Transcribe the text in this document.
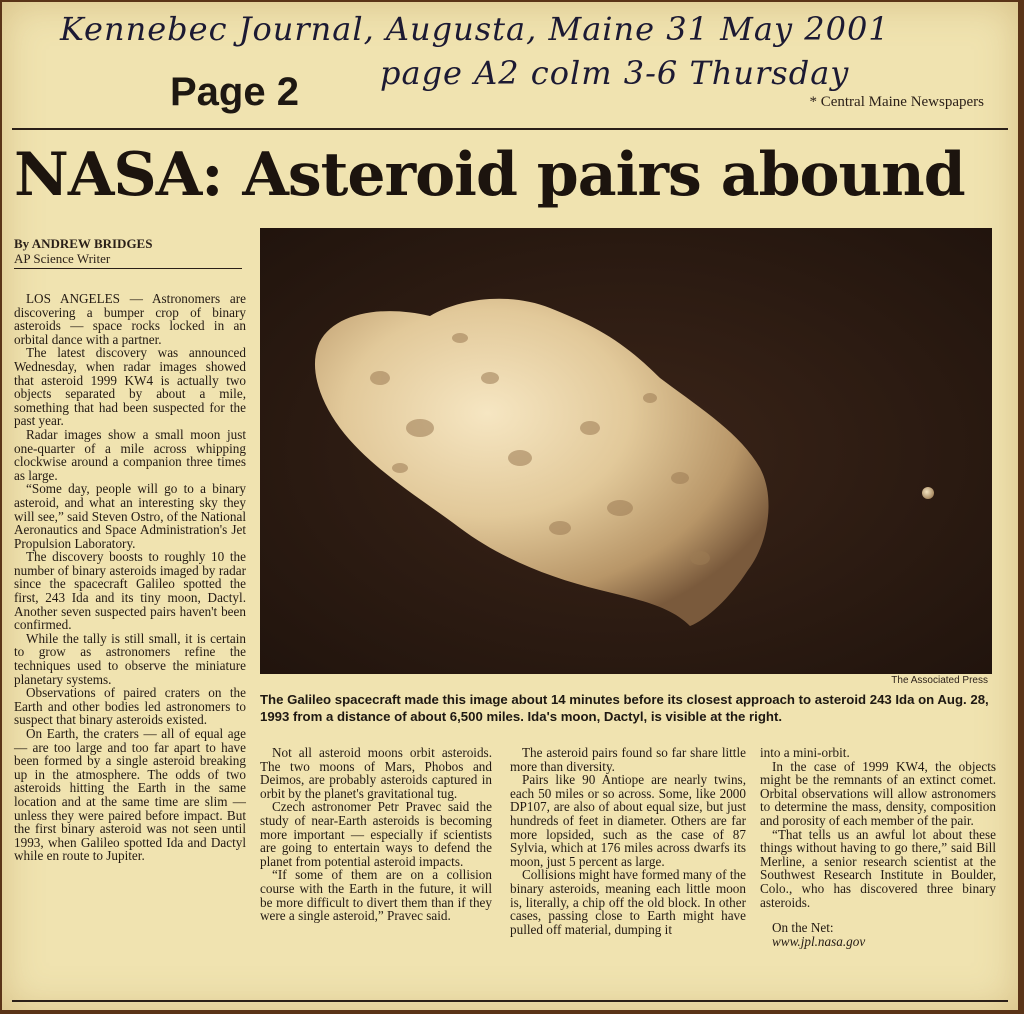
Kennebec Journal, Augusta, Maine 31 May 2001
page A2 colm 3-6 Thursday
Page 2	* Central Maine Newspapers
NASA: Asteroid pairs abound
By ANDREW BRIDGES
AP Science Writer

LOS ANGELES — Astronomers are discovering a bumper crop of binary asteroids — space rocks locked in an orbital dance with a partner.

The latest discovery was announced Wednesday, when radar images showed that asteroid 1999 KW4 is actually two objects separated by about a mile, something that had been suspected for the past year.

Radar images show a small moon just one-quarter of a mile across whipping clockwise around a companion three times as large.

“Some day, people will go to a binary asteroid, and what an interesting sky they will see,” said Steven Ostro, of the National Aeronautics and Space Administration's Jet Propulsion Laboratory.

The discovery boosts to roughly 10 the number of binary asteroids imaged by radar since the spacecraft Galileo spotted the first, 243 Ida and its tiny moon, Dactyl. Another seven suspected pairs haven't been confirmed.

While the tally is still small, it is certain to grow as astronomers refine the techniques used to observe the miniature planetary systems.

Observations of paired craters on the Earth and other bodies led astronomers to suspect that binary asteroids existed.

On Earth, the craters — all of equal age — are too large and too far apart to have been formed by a single asteroid breaking up in the atmosphere. The odds of two asteroids hitting the Earth in the same location and at the same time are slim — unless they were paired before impact. But the first binary asteroid was not seen until 1993, when Galileo spotted Ida and Dactyl while en route to Jupiter.

The Associated Press
The Galileo spacecraft made this image about 14 minutes before its closest approach to asteroid 243 Ida on Aug. 28, 1993 from a distance of about 6,500 miles. Ida's moon, Dactyl, is visible at the right.

Not all asteroid moons orbit asteroids. The two moons of Mars, Phobos and Deimos, are probably asteroids captured in orbit by the planet's gravitational tug.

Czech astronomer Petr Pravec said the study of near-Earth asteroids is becoming more important — especially if scientists are going to entertain ways to defend the planet from potential asteroid impacts.

“If some of them are on a collision course with the Earth in the future, it will be more difficult to divert them than if they were a single asteroid,” Pravec said.

The asteroid pairs found so far share little more than diversity.

Pairs like 90 Antiope are nearly twins, each 50 miles or so across. Some, like 2000 DP107, are also of about equal size, but just hundreds of feet in diameter. Others are far more lopsided, such as the case of 87 Sylvia, which at 176 miles across dwarfs its moon, just 5 percent as large.

Collisions might have formed many of the binary asteroids, meaning each little moon is, literally, a chip off the old block. In other cases, passing close to Earth might have pulled off material, dumping it

into a mini-orbit.

In the case of 1999 KW4, the objects might be the remnants of an extinct comet. Orbital observations will allow astronomers to determine the mass, density, composition and porosity of each member of the pair.

“That tells us an awful lot about these things without having to go there,” said Bill Merline, a senior research scientist at the Southwest Research Institute in Boulder, Colo., who has discovered three binary asteroids.

On the Net:

www.jpl.nasa.gov
